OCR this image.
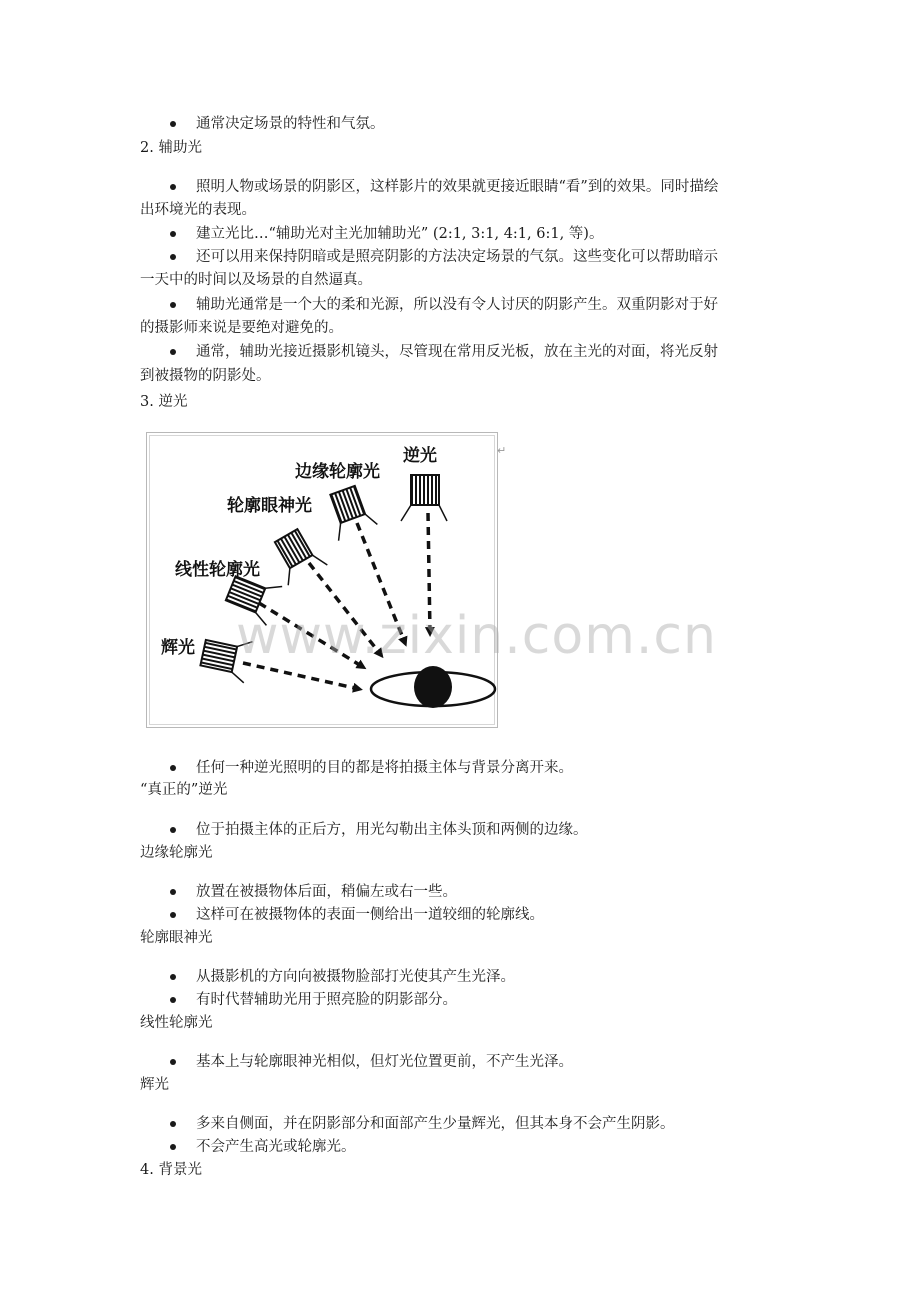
通常决定场景的特性和气氛。
2. 辅助光
照明人物或场景的阴影区，这样影片的效果就更接近眼睛“看”到的效果。同时描绘
出环境光的表现。
建立光比…“辅助光对主光加辅助光” (2:1, 3:1, 4:1, 6:1, 等)。
还可以用来保持阴暗或是照亮阴影的方法决定场景的气氛。这些变化可以帮助暗示
一天中的时间以及场景的自然逼真。
辅助光通常是一个大的柔和光源，所以没有令人讨厌的阴影产生。双重阴影对于好
的摄影师来说是要绝对避免的。
通常，辅助光接近摄影机镜头，尽管现在常用反光板，放在主光的对面，将光反射
到被摄物的阴影处。
3. 逆光
逆光
边缘轮廓光
轮廓眼神光
线性轮廓光
辉光
↵
www.zixin.com.cn
任何一种逆光照明的目的都是将拍摄主体与背景分离开来。
“真正的”逆光
位于拍摄主体的正后方，用光勾勒出主体头顶和两侧的边缘。
边缘轮廓光
放置在被摄物体后面，稍偏左或右一些。
这样可在被摄物体的表面一侧给出一道较细的轮廓线。
轮廓眼神光
从摄影机的方向向被摄物脸部打光使其产生光泽。
有时代替辅助光用于照亮脸的阴影部分。
线性轮廓光
基本上与轮廓眼神光相似，但灯光位置更前，不产生光泽。
辉光
多来自侧面，并在阴影部分和面部产生少量辉光，但其本身不会产生阴影。
不会产生高光或轮廓光。
4. 背景光
